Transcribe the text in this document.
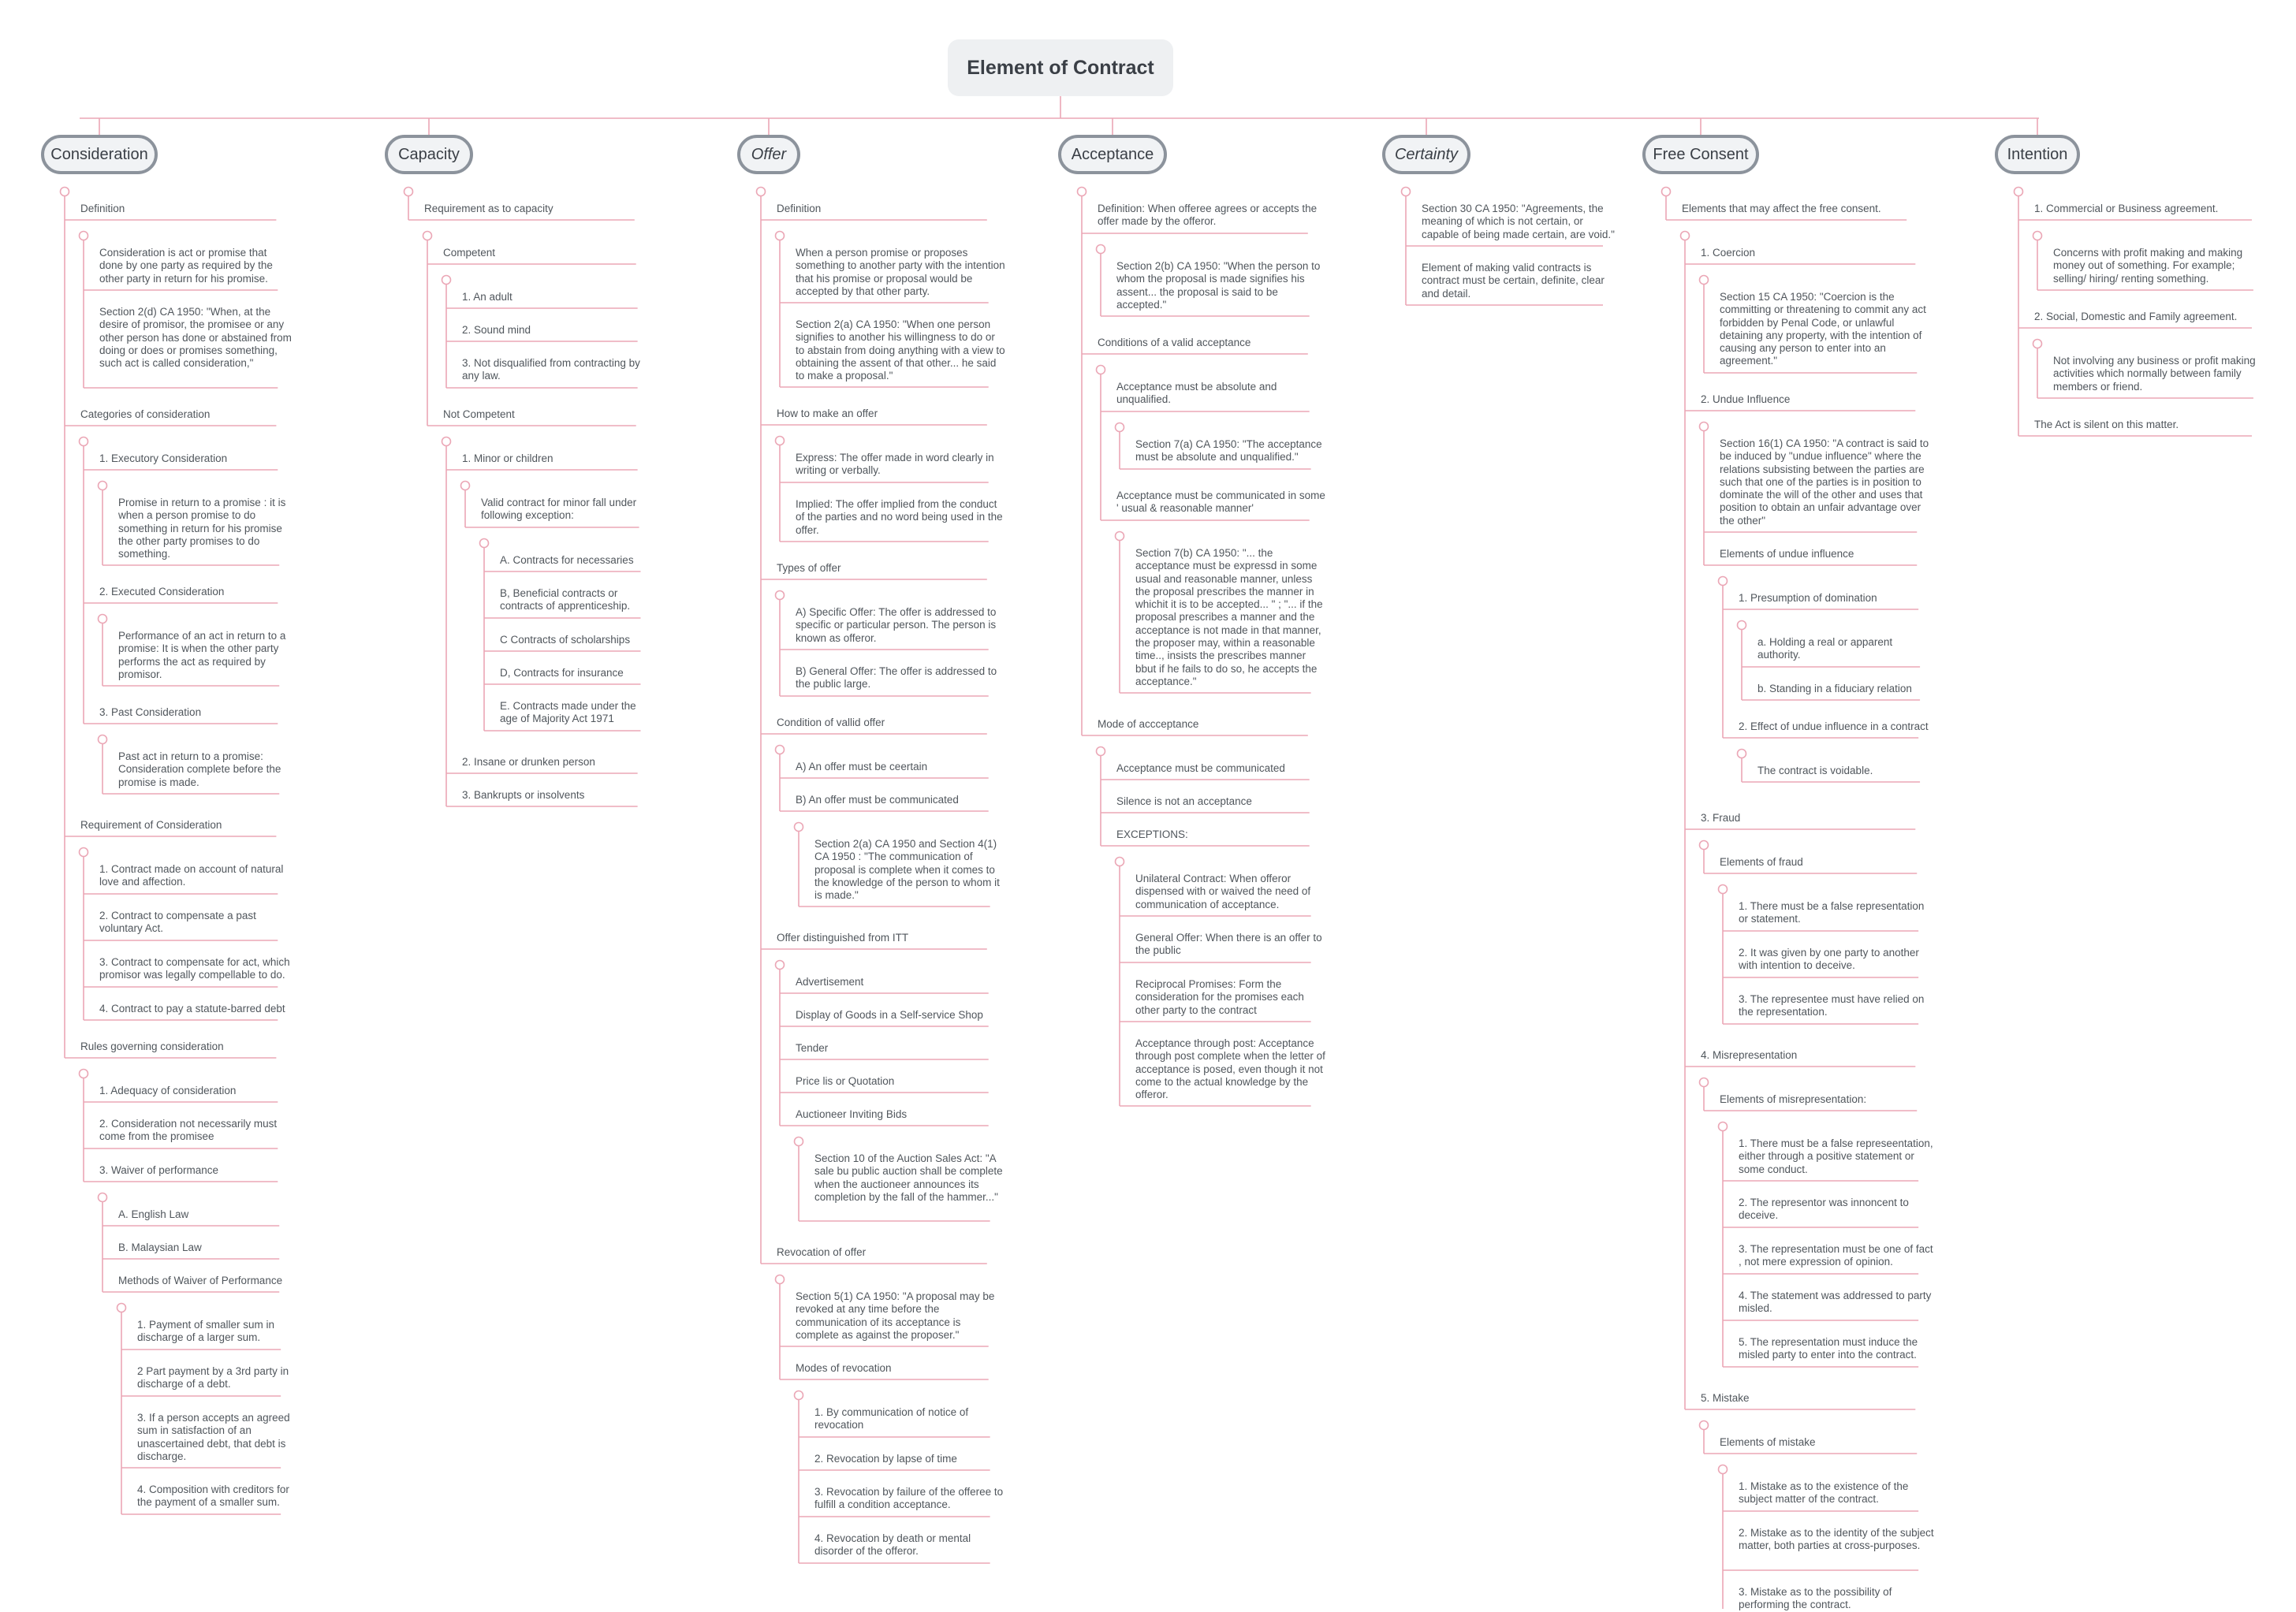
Element of Contract
Consideration
Definition
Consideration is act or promise that done by one party as required by the other party in return for his promise.
Section 2(d) CA 1950: "When, at the desire of promisor, the promisee or any other person has done or abstained from doing or does or promises something, such act is called consideration,"
Categories of consideration
1. Executory Consideration
Promise in return to a promise : it is when a person promise to do something in return for his promise the other party promises to do something.
2. Executed Consideration
Performance of an act in return to a promise: It is when the other party performs the act as required by promisor.
3. Past Consideration
Past act in return to a promise: Consideration complete before the promise is made.
Requirement of Consideration
1. Contract made on account of natural love and affection.
2. Contract to compensate a past voluntary Act.
3. Contract to compensate for act, which promisor was legally compellable to do.
4. Contract to pay a statute-barred debt
Rules governing consideration
1. Adequacy of consideration
2. Consideration not necessarily must come from the promisee
3. Waiver of performance
A. English Law
B. Malaysian Law
Methods of Waiver of Performance
1. Payment of smaller sum in discharge of a larger sum.
2 Part payment by a 3rd party in discharge of a debt.
3. If a person accepts an agreed sum in satisfaction of an unascertained debt, that debt is discharge.
4. Composition with creditors for the payment of a smaller sum.
Capacity
Requirement as to capacity
Competent
1. An adult
2. Sound mind
3. Not disqualified from contracting by any law.
Not Competent
1. Minor or children
Valid contract for minor fall under following exception:
A. Contracts for necessaries
B, Beneficial contracts or contracts of apprenticeship.
C Contracts of scholarships
D, Contracts for insurance
E. Contracts made under the age of Majority Act 1971
2. Insane or drunken person
3. Bankrupts or insolvents
Offer
Definition
When a person promise or proposes something to another party with the intention that his promise or proposal would be accepted by that other party.
Section 2(a) CA 1950: "When one person signifies to another his willingness to do or to abstain from doing anything with a view to obtaining the assent of that other... he said to make a proposal."
How to make an offer
Express: The offer made in word clearly in writing or verbally.
Implied: The offer implied from the conduct of the parties and no word being used in the offer.
Types of offer
A) Specific Offer: The offer is addressed to specific or particular person. The person is known as offeror.
B) General Offer: The offer is addressed to the public large.
Condition of vallid offer
A) An offer must be ceertain
B) An offer must be communicated
Section 2(a) CA 1950 and Section 4(1) CA 1950 : "The communication of proposal is complete when it comes to the knowledge of the person to whom it is made."
Offer distinguished from ITT
Advertisement
Display of Goods in a Self-service Shop
Tender
Price lis or Quotation
Auctioneer Inviting Bids
Section 10 of the Auction Sales Act: "A sale bu public auction shall be complete when the auctioneer announces its completion by the fall of the hammer..."
Revocation of offer
Section 5(1) CA 1950: "A proposal may be revoked at any time before the communication of its acceptance is complete as against the proposer."
Modes of revocation
1. By communication of notice of revocation
2. Revocation by lapse of time
3. Revocation by failure of the offeree to fulfill a condition acceptance.
4. Revocation by death or mental disorder of the offeror.
Acceptance
Definition: When offeree agrees or accepts the offer made by the offeror.
Section 2(b) CA 1950: "When the person to whom the proposal is made signifies his assent... the proposal is said to be accepted."
Conditions of a valid acceptance
Acceptance must be absolute and unqualified.
Section 7(a) CA 1950: "The acceptance must be absolute and unqualified."
Acceptance must be communicated in some ' usual & reasonable manner'
Section 7(b) CA 1950: "... the acceptance must be expressd in some usual and reasonable manner, unless the proposal prescribes the manner in whichit it is to be accepted... " ; "... if the proposal prescribes a manner and the acceptance is not made in that manner, the proposer may, within a reasonable time.., insists the prescribes manner bbut if he fails to do so, he accepts the acceptance."
Mode of accceptance
Acceptance must be communicated
Silence is not an acceptance
EXCEPTIONS:
Unilateral Contract: When offeror dispensed with or waived the need of communication of acceptance.
General Offer: When there is an offer to the public
Reciprocal Promises: Form the consideration for the promises each other party to the contract
Acceptance through post: Acceptance through post complete when the letter of acceptance is posed, even though it not come to the actual knowledge by the offeror.
Certainty
Section 30 CA 1950: "Agreements, the meaning of which is not certain, or capable of being made certain, are void."
Element of making valid contracts is contract must be certain, definite, clear and detail.
Free Consent
Elements that may affect the free consent.
1. Coercion
Section 15 CA 1950: "Coercion is the committing or threatening to commit any act forbidden by Penal Code, or unlawful detaining any property, with the intention of causing any person to enter into an agreement."
2. Undue Influence
Section 16(1) CA 1950: "A contract is said to be induced by "undue influence" where the relations subsisting between the parties are such that one of the parties is in position to dominate the will of the other and uses that position to obtain an unfair advantage over the other"
Elements of undue influence
1. Presumption of domination
a. Holding a real or apparent authority.
b. Standing in a fiduciary relation
2. Effect of undue influence in a contract
The contract is voidable.
3. Fraud
Elements of fraud
1. There must be a false representation or statement.
2. It was given by one party to another with intention to deceive.
3. The representee must have relied on the representation.
4. Misrepresentation
Elements of misrepresentation:
1. There must be a false represeentation, either through a positive statement or some conduct.
2. The representor was innoncent to deceive.
3. The representation must be one of fact , not mere expression of opinion.
4. The statement was addressed to party misled.
5. The representation must induce the misled party to enter into the contract.
5. Mistake
Elements of mistake
1. Mistake as to the existence of the subject matter of the contract.
2. Mistake as to the identity of the subject matter, both parties at cross-purposes.
3. Mistake as to the possibility of performing the contract.
Intention
1. Commercial or Business agreement.
Concerns with profit making and making money out of something. For example; selling/ hiring/ renting something.
2. Social, Domestic and Family agreement.
Not involving any business or profit making activities which normally between family members or friend.
The Act is silent on this matter.
